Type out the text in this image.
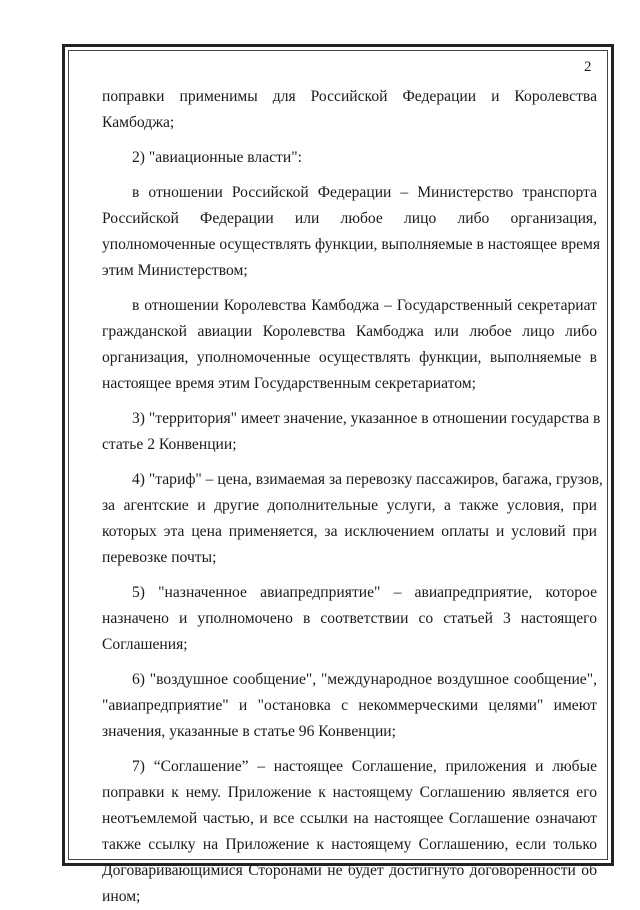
2
поправки применимы для Российской Федерации и Королевства
Камбоджа;
2) "авиационные власти":
в отношении Российской Федерации – Министерство транспорта
Российской Федерации или любое лицо либо организация,
уполномоченные осуществлять функции, выполняемые в настоящее время
этим Министерством;
в отношении Королевства Камбоджа – Государственный секретариат
гражданской авиации Королевства Камбоджа или любое лицо либо
организация, уполномоченные осуществлять функции, выполняемые в
настоящее время этим Государственным секретариатом;
3) "территория" имеет значение, указанное в отношении государства в
статье 2 Конвенции;
4) "тариф" – цена, взимаемая за перевозку пассажиров, багажа, грузов,
за агентские и другие дополнительные услуги, а также условия, при
которых эта цена применяется, за исключением оплаты и условий при
перевозке почты;
5) "назначенное авиапредприятие" – авиапредприятие, которое
назначено и уполномочено в соответствии со статьей 3 настоящего
Соглашения;
6) "воздушное сообщение", "международное воздушное сообщение",
"авиапредприятие" и "остановка с некоммерческими целями" имеют
значения, указанные в статье 96 Конвенции;
7) “Соглашение” – настоящее Соглашение, приложения и любые
поправки к нему. Приложение к настоящему Соглашению является его
неотъемлемой частью, и все ссылки на настоящее Соглашение означают
также ссылку на Приложение к настоящему Соглашению, если только
Договаривающимися Сторонами не будет достигнуто договоренности об
ином;
